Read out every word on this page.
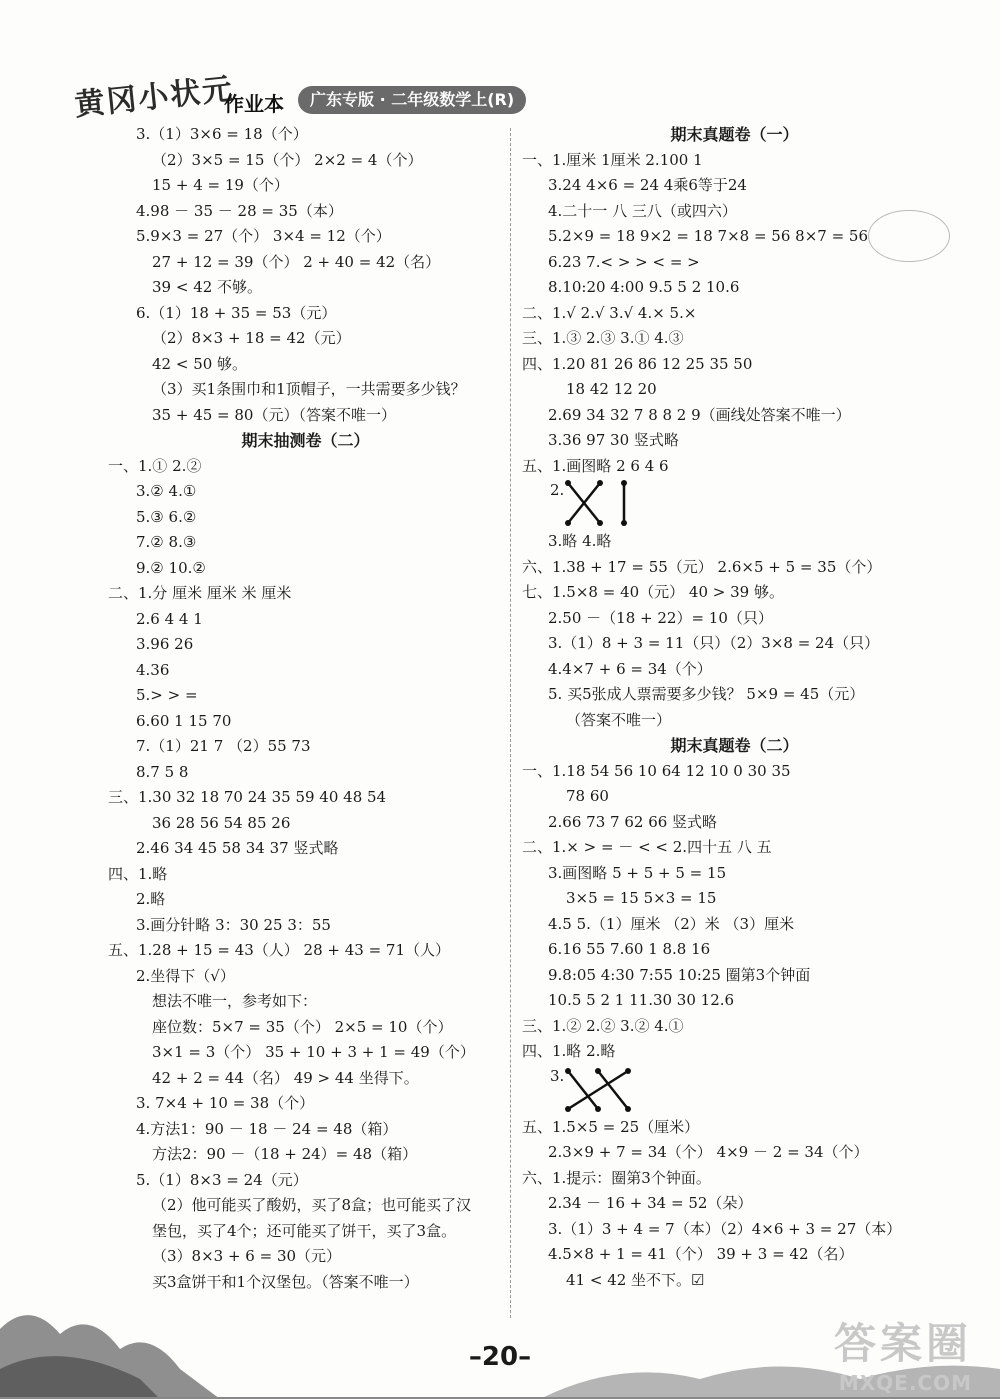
黄冈小状元
作业本	广东专版 · 二年级数学上(R)
3.（1）3×6 = 18（个）
（2）3×5 = 15（个） 2×2 = 4（个）
15 + 4 = 19（个）
4.98 － 35 － 28 = 35（本）
5.9×3 = 27（个） 3×4 = 12（个）
27 + 12 = 39（个） 2 + 40 = 42（名）
39 < 42 不够。
6.（1）18 + 35 = 53（元）
（2）8×3 + 18 = 42（元）
42 < 50 够。
（3）买1条围巾和1顶帽子，一共需要多少钱？
35 + 45 = 80（元）（答案不唯一）
期末抽测卷（二）
一、1.① 2.②
3.② 4.①
5.③ 6.②
7.② 8.③
9.② 10.②
二、1.分 厘米 厘米 米 厘米
2.6 4 4 1
3.96 26
4.36
5.> > =
6.60 1 15 70
7.（1）21 7 （2）55 73
8.7 5 8
三、1.30 32 18 70 24 35 59 40 48 54
36 28 56 54 85 26
2.46 34 45 58 34 37 竖式略
四、1.略
2.略
3.画分针略 3：30 25 3：55
五、1.28 + 15 = 43（人） 28 + 43 = 71（人）
2.坐得下（√）
想法不唯一，参考如下：
座位数：5×7 = 35（个） 2×5 = 10（个）
3×1 = 3（个） 35 + 10 + 3 + 1 = 49（个）
42 + 2 = 44（名） 49 > 44 坐得下。
3. 7×4 + 10 = 38（个）
4.方法1：90 － 18 － 24 = 48（箱）
方法2：90 －（18 + 24）= 48（箱）
5.（1）8×3 = 24（元）
（2）他可能买了酸奶，买了8盒；也可能买了汉
堡包，买了4个；还可能买了饼干，买了3盒。
（3）8×3 + 6 = 30（元）
买3盒饼干和1个汉堡包。（答案不唯一）
期末真题卷（一）
一、1.厘米 1厘米 2.100 1
3.24 4×6 = 24 4乘6等于24
4.二十一 八 三八（或四六）
5.2×9 = 18 9×2 = 18 7×8 = 56 8×7 = 56
6.23 7.< > > < = >
8.10:20 4:00 9.5 5 2 10.6
二、1.√ 2.√ 3.√ 4.× 5.×
三、1.③ 2.③ 3.① 4.③
四、1.20 81 26 86 12 25 35 50
18 42 12 20
2.69 34 32 7 8 8 2 9（画线处答案不唯一）
3.36 97 30 竖式略
五、1.画图略 2 6 4 6
2.
3.略 4.略
六、1.38 + 17 = 55（元） 2.6×5 + 5 = 35（个）
七、1.5×8 = 40（元） 40 > 39 够。
2.50 －（18 + 22）= 10（只）
3.（1）8 + 3 = 11（只）（2）3×8 = 24（只）
4.4×7 + 6 = 34（个）
5. 买5张成人票需要多少钱？ 5×9 = 45（元）
（答案不唯一）
期末真题卷（二）
一、1.18 54 56 10 64 12 10 0 30 35
78 60
2.66 73 7 62 66 竖式略
二、1.× > = － < < 2.四十五 八 五
3.画图略 5 + 5 + 5 = 15
3×5 = 15 5×3 = 15
4.5 5.（1）厘米 （2）米 （3）厘米
6.16 55 7.60 1 8.8 16
9.8:05 4:30 7:55 10:25 圈第3个钟面
10.5 5 2 1 11.30 30 12.6
三、1.② 2.② 3.② 4.①
四、1.略 2.略
3.
五、1.5×5 = 25（厘米）
2.3×9 + 7 = 34（个） 4×9 － 2 = 34（个）
六、1.提示：圈第3个钟面。
2.34 － 16 + 34 = 52（朵）
3.（1）3 + 4 = 7（本）（2）4×6 + 3 = 27（本）
4.5×8 + 1 = 41（个） 39 + 3 = 42（名）
41 < 42 坐不下。☑
–20–	答案圈
MXQE.COM
